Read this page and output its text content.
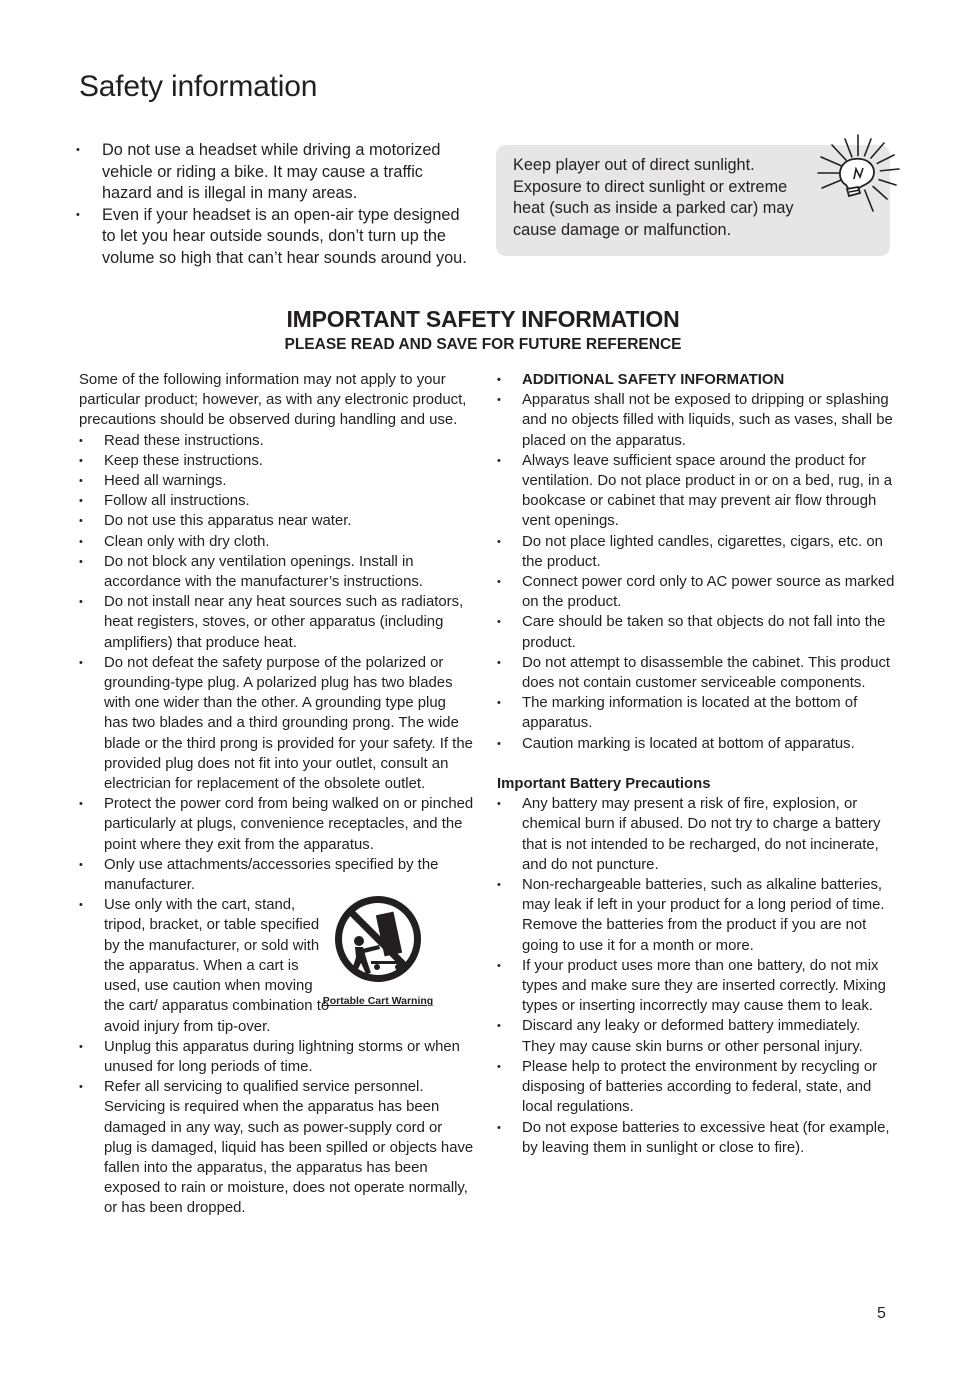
Safety information
• Do not use a headset while driving a motorized vehicle or riding a bike. It may cause a traffic hazard and is illegal in many areas.
• Even if your headset is an open-air type designed to let you hear outside sounds, don’t turn up the volume so high that can’t hear sounds around you.
Keep player out of direct sunlight. Exposure to direct sunlight or extreme heat (such as inside a parked car) may cause damage or malfunction.
IMPORTANT SAFETY INFORMATION
PLEASE READ AND SAVE FOR FUTURE REFERENCE
Some of the following information may not apply to your particular product; however, as with any electronic product, precautions should be observed during handling and use.
• Read these instructions.
• Keep these instructions.
• Heed all warnings.
• Follow all instructions.
• Do not use this apparatus near water.
• Clean only with dry cloth.
• Do not block any ventilation openings. Install in accordance with the manufacturer’s instructions.
• Do not install near any heat sources such as radiators, heat registers, stoves, or other apparatus (including amplifiers) that produce heat.
• Do not defeat the safety purpose of the polarized or grounding-type plug. A polarized plug has two blades with one wider than the other. A grounding type plug has two blades and a third grounding prong. The wide blade or the third prong is provided for your safety. If the provided plug does not fit into your outlet, consult an electrician for replacement of the obsolete outlet.
• Protect the power cord from being walked on or pinched particularly at plugs, convenience receptacles, and the point where they exit from the apparatus.
• Only use attachments/accessories specified by the manufacturer.
• Use only with the cart, stand, tripod, bracket, or table specified by the manufacturer, or sold with the apparatus. When a cart is used, use caution when moving the cart/ apparatus combination to avoid injury from tip-over.
Portable Cart Warning
• Unplug this apparatus during lightning storms or when unused for long periods of time.
• Refer all servicing to qualified service personnel. Servicing is required when the apparatus has been damaged in any way, such as power-supply cord or plug is damaged, liquid has been spilled or objects have fallen into the apparatus, the apparatus has been exposed to rain or moisture, does not operate normally, or has been dropped.
• ADDITIONAL SAFETY INFORMATION
• Apparatus shall not be exposed to dripping or splashing and no objects filled with liquids, such as vases, shall be placed on the apparatus.
• Always leave sufficient space around the product for ventilation. Do not place product in or on a bed, rug, in a bookcase or cabinet that may prevent air flow through vent openings.
• Do not place lighted candles, cigarettes, cigars, etc. on the product.
• Connect power cord only to AC power source as marked on the product.
• Care should be taken so that objects do not fall into the product.
• Do not attempt to disassemble the cabinet. This product does not contain customer serviceable components.
• The marking information is located at the bottom of apparatus.
• Caution marking is located at bottom of apparatus.
Important Battery Precautions
• Any battery may present a risk of fire, explosion, or chemical burn if abused. Do not try to charge a battery that is not intended to be recharged, do not incinerate, and do not puncture.
• Non-rechargeable batteries, such as alkaline batteries, may leak if left in your product for a long period of time. Remove the batteries from the product if you are not going to use it for a month or more.
• If your product uses more than one battery, do not mix types and make sure they are inserted correctly. Mixing types or inserting incorrectly may cause them to leak.
• Discard any leaky or deformed battery immediately. They may cause skin burns or other personal injury.
• Please help to protect the environment by recycling or disposing of batteries according to federal, state, and local regulations.
• Do not expose batteries to excessive heat (for example, by leaving them in sunlight or close to fire).
5
